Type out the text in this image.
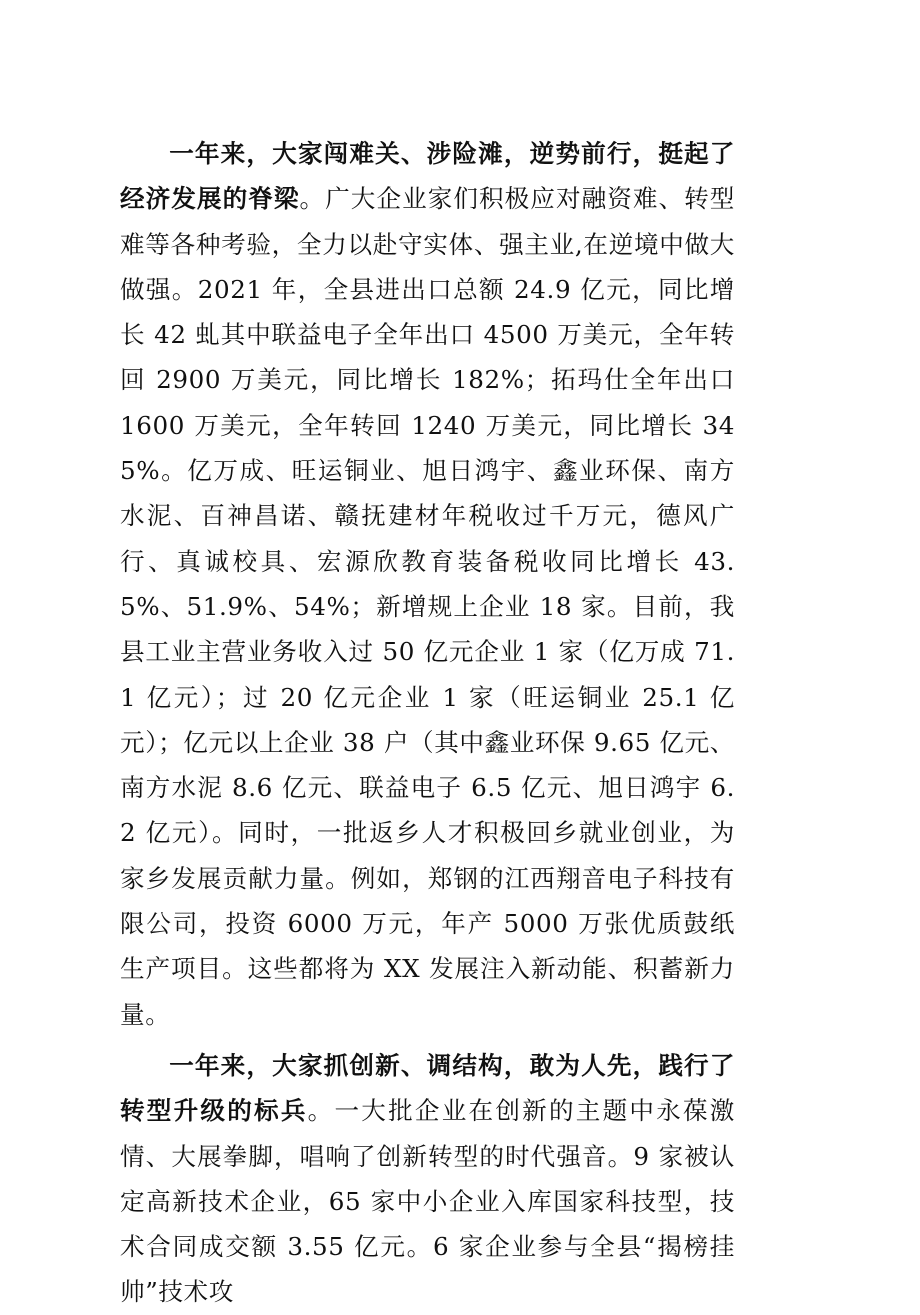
一年来，大家闯难关、涉险滩，逆势前行，挺起了经济发展的脊梁。广大企业家们积极应对融资难、转型难等各种考验，全力以赴守实体、强主业,在逆境中做大做强。2021 年，全县进出口总额 24.9 亿元，同比增长 42 虬其中联益电子全年出口 4500 万美元，全年转回 2900 万美元，同比增长 182%；拓玛仕全年出口 1600 万美元，全年转回 1240 万美元，同比增长 345%。亿万成、旺运铜业、旭日鸿宇、鑫业环保、南方水泥、百神昌诺、赣抚建材年税收过千万元，德风广行、真诚校具、宏源欣教育装备税收同比增长 43.5%、51.9%、54%；新增规上企业 18 家。目前，我县工业主营业务收入过 50 亿元企业 1 家（亿万成 71.1 亿元）；过 20 亿元企业 1 家（旺运铜业 25.1 亿元）；亿元以上企业 38 户（其中鑫业环保 9.65 亿元、南方水泥 8.6 亿元、联益电子 6.5 亿元、旭日鸿宇 6.2 亿元）。同时，一批返乡人才积极回乡就业创业，为家乡发展贡献力量。例如，郑钢的江西翔音电子科技有限公司，投资 6000 万元，年产 5000 万张优质鼓纸生产项目。这些都将为 XX 发展注入新动能、积蓄新力量。

一年来，大家抓创新、调结构，敢为人先，践行了转型升级的标兵。一大批企业在创新的主题中永葆激情、大展拳脚，唱响了创新转型的时代强音。9 家被认定高新技术企业，65 家中小企业入库国家科技型，技术合同成交额 3.55 亿元。6 家企业参与全县“揭榜挂帅”技术攻
